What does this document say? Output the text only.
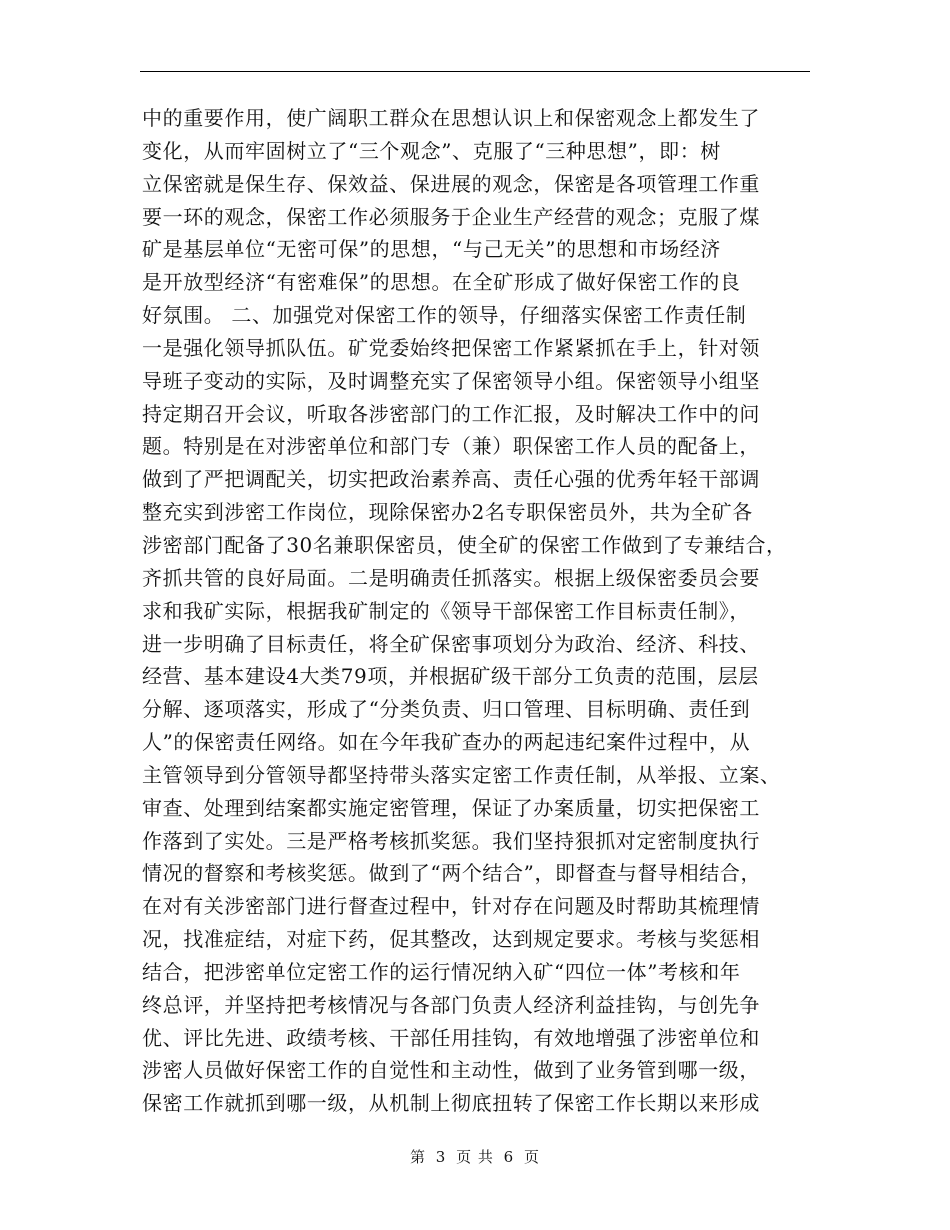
中的重要作用，使广阔职工群众在思想认识上和保密观念上都发生了
变化，从而牢固树立了“三个观念”、克服了“三种思想”，即：树
立保密就是保生存、保效益、保进展的观念，保密是各项管理工作重
要一环的观念，保密工作必须服务于企业生产经营的观念；克服了煤
矿是基层单位“无密可保”的思想，“与己无关”的思想和市场经济
是开放型经济“有密难保”的思想。在全矿形成了做好保密工作的良
好氛围。 二、加强党对保密工作的领导，仔细落实保密工作责任制
一是强化领导抓队伍。矿党委始终把保密工作紧紧抓在手上，针对领
导班子变动的实际，及时调整充实了保密领导小组。保密领导小组坚
持定期召开会议，听取各涉密部门的工作汇报，及时解决工作中的问
题。特别是在对涉密单位和部门专（兼）职保密工作人员的配备上，
做到了严把调配关，切实把政治素养高、责任心强的优秀年轻干部调
整充实到涉密工作岗位，现除保密办2名专职保密员外，共为全矿各
涉密部门配备了30名兼职保密员，使全矿的保密工作做到了专兼结合，
齐抓共管的良好局面。二是明确责任抓落实。根据上级保密委员会要
求和我矿实际，根据我矿制定的《领导干部保密工作目标责任制》，
进一步明确了目标责任，将全矿保密事项划分为政治、经济、科技、
经营、基本建设4大类79项，并根据矿级干部分工负责的范围，层层
分解、逐项落实，形成了“分类负责、归口管理、目标明确、责任到
人”的保密责任网络。如在今年我矿查办的两起违纪案件过程中，从
主管领导到分管领导都坚持带头落实定密工作责任制，从举报、立案、
审查、处理到结案都实施定密管理，保证了办案质量，切实把保密工
作落到了实处。三是严格考核抓奖惩。我们坚持狠抓对定密制度执行
情况的督察和考核奖惩。做到了“两个结合”，即督查与督导相结合，
在对有关涉密部门进行督查过程中，针对存在问题及时帮助其梳理情
况，找准症结，对症下药，促其整改，达到规定要求。考核与奖惩相
结合，把涉密单位定密工作的运行情况纳入矿“四位一体”考核和年
终总评，并坚持把考核情况与各部门负责人经济利益挂钩，与创先争
优、评比先进、政绩考核、干部任用挂钩，有效地增强了涉密单位和
涉密人员做好保密工作的自觉性和主动性，做到了业务管到哪一级，
保密工作就抓到哪一级，从机制上彻底扭转了保密工作长期以来形成
第 3 页 共 6 页
